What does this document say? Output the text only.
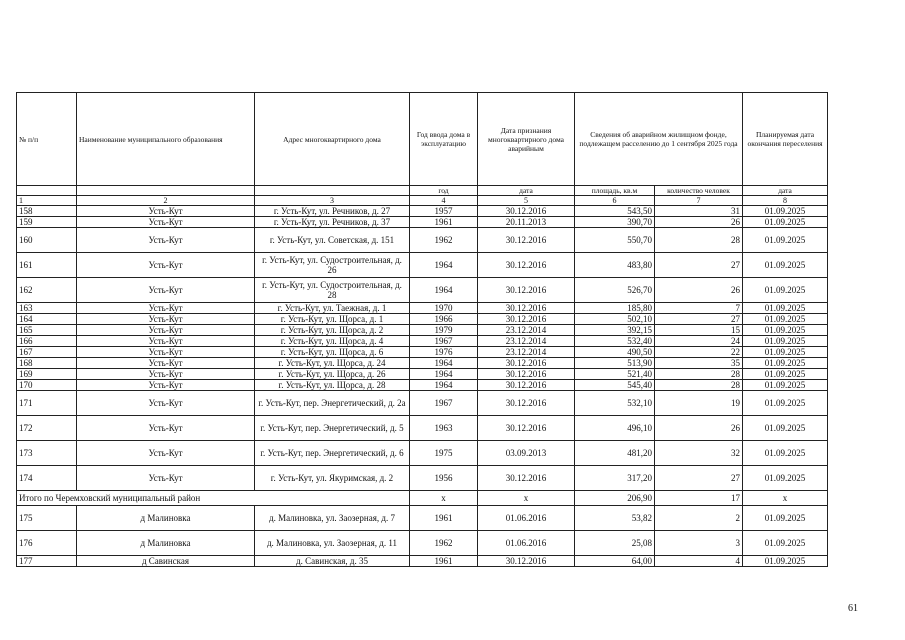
№ п/п	Наименование муниципального образования	Адрес многоквартирного дома	Год ввода дома в эксплуатацию	Дата признания многоквартирного дома аварийным	Сведения об аварийном жилищном фонде, подлежащем расселению до 1 сентября 2025 года		Планируемая дата окончания переселения
			год	дата	площадь, кв.м	количество человек	дата
1	2	3	4	5	6	7	8
158	Усть-Кут	г. Усть-Кут, ул. Речников, д. 27	1957	30.12.2016	543,50	31	01.09.2025
159	Усть-Кут	г. Усть-Кут, ул. Речников, д. 37	1961	20.11.2013	390,70	26	01.09.2025
160	Усть-Кут	г. Усть-Кут, ул. Советская, д. 151	1962	30.12.2016	550,70	28	01.09.2025
161	Усть-Кут	г. Усть-Кут, ул. Судостроительная, д. 26	1964	30.12.2016	483,80	27	01.09.2025
162	Усть-Кут	г. Усть-Кут, ул. Судостроительная, д. 28	1964	30.12.2016	526,70	26	01.09.2025
163	Усть-Кут	г. Усть-Кут, ул. Таежная, д. 1	1970	30.12.2016	185,80	7	01.09.2025
164	Усть-Кут	г. Усть-Кут, ул. Щорса, д. 1	1966	30.12.2016	502,10	27	01.09.2025
165	Усть-Кут	г. Усть-Кут, ул. Щорса, д. 2	1979	23.12.2014	392,15	15	01.09.2025
166	Усть-Кут	г. Усть-Кут, ул. Щорса, д. 4	1967	23.12.2014	532,40	24	01.09.2025
167	Усть-Кут	г. Усть-Кут, ул. Щорса, д. 6	1976	23.12.2014	490,50	22	01.09.2025
168	Усть-Кут	г. Усть-Кут, ул. Щорса, д. 24	1964	30.12.2016	513,90	35	01.09.2025
169	Усть-Кут	г. Усть-Кут, ул. Щорса, д. 26	1964	30.12.2016	521,40	28	01.09.2025
170	Усть-Кут	г. Усть-Кут, ул. Щорса, д. 28	1964	30.12.2016	545,40	28	01.09.2025
171	Усть-Кут	г. Усть-Кут, пер. Энергетический, д. 2а	1967	30.12.2016	532,10	19	01.09.2025
172	Усть-Кут	г. Усть-Кут, пер. Энергетический, д. 5	1963	30.12.2016	496,10	26	01.09.2025
173	Усть-Кут	г. Усть-Кут, пер. Энергетический, д. 6	1975	03.09.2013	481,20	32	01.09.2025
174	Усть-Кут	г. Усть-Кут, ул. Якуримская, д. 2	1956	30.12.2016	317,20	27	01.09.2025
Итого по Черемховский муниципальный район			х	х	206,90	17	х
175	д Малиновка	д. Малиновка, ул. Заозерная, д. 7	1961	01.06.2016	53,82	2	01.09.2025
176	д Малиновка	д. Малиновка, ул. Заозерная, д. 11	1962	01.06.2016	25,08	3	01.09.2025
177	д Савинская	д. Савинская, д. 35	1961	30.12.2016	64,00	4	01.09.2025
61
